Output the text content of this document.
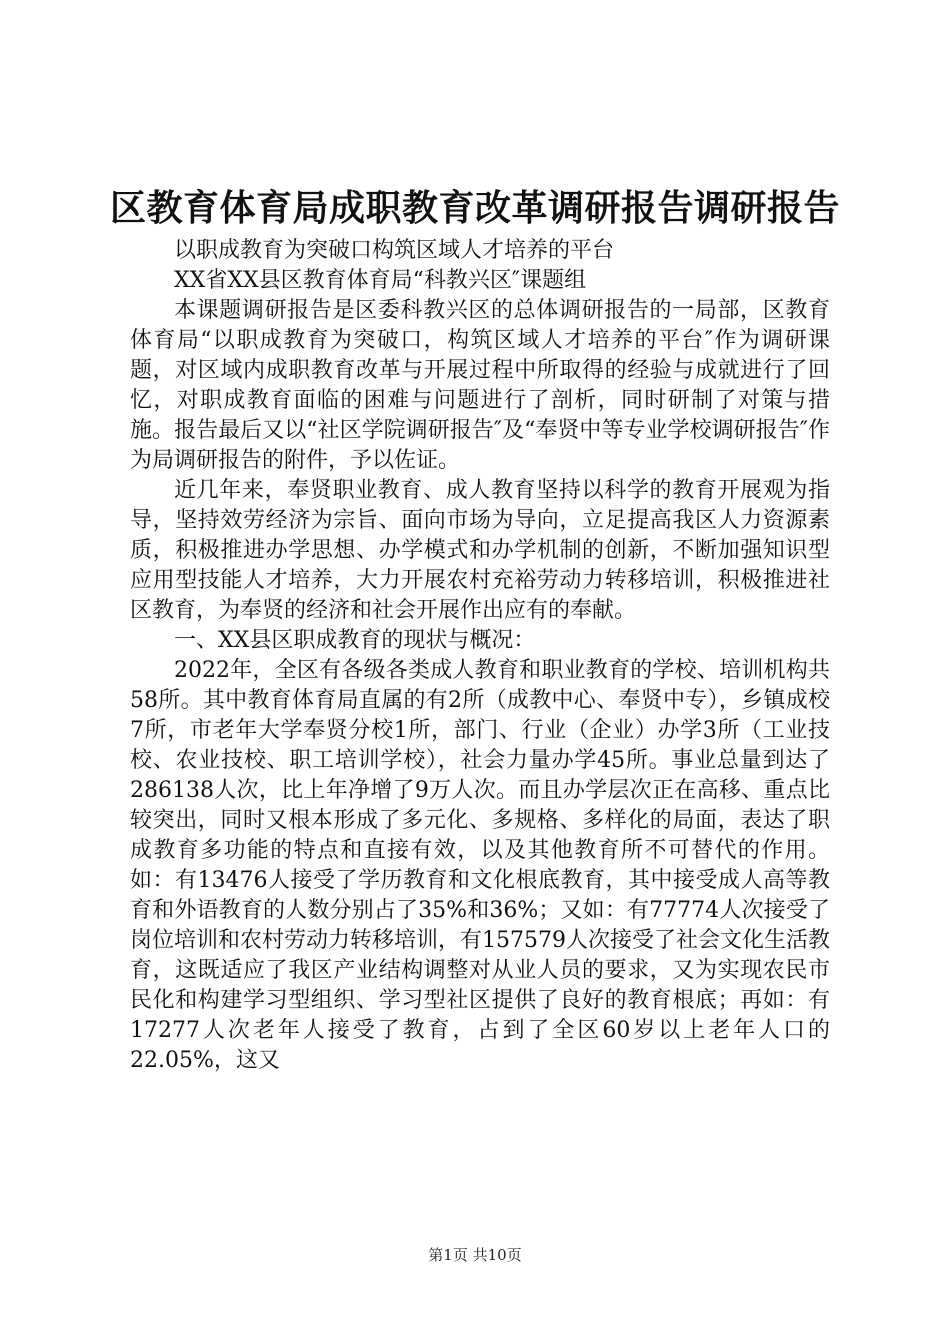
区教育体育局成职教育改革调研报告调研报告

以职成教育为突破口构筑区域人才培养的平台

XX省XX县区教育体育局“科教兴区″课题组

本课题调研报告是区委科教兴区的总体调研报告的一局部，区教育体育局“以职成教育为突破口，构筑区域人才培养的平台″作为调研课题，对区域内成职教育改革与开展过程中所取得的经验与成就进行了回忆，对职成教育面临的困难与问题进行了剖析，同时研制了对策与措施。报告最后又以“社区学院调研报告″及“奉贤中等专业学校调研报告″作为局调研报告的附件，予以佐证。

近几年来，奉贤职业教育、成人教育坚持以科学的教育开展观为指导，坚持效劳经济为宗旨、面向市场为导向，立足提高我区人力资源素质，积极推进办学思想、办学模式和办学机制的创新，不断加强知识型应用型技能人才培养，大力开展农村充裕劳动力转移培训，积极推进社区教育，为奉贤的经济和社会开展作出应有的奉献。

一、XX县区职成教育的现状与概况：

2022年，全区有各级各类成人教育和职业教育的学校、培训机构共58所。其中教育体育局直属的有2所（成教中心、奉贤中专），乡镇成校7所，市老年大学奉贤分校1所，部门、行业（企业）办学3所（工业技校、农业技校、职工培训学校），社会力量办学45所。事业总量到达了286138人次，比上年净增了9万人次。而且办学层次正在高移、重点比较突出，同时又根本形成了多元化、多规格、多样化的局面，表达了职成教育多功能的特点和直接有效，以及其他教育所不可替代的作用。如：有13476人接受了学历教育和文化根底教育，其中接受成人高等教育和外语教育的人数分别占了35%和36%；又如：有77774人次接受了岗位培训和农村劳动力转移培训，有157579人次接受了社会文化生活教育，这既适应了我区产业结构调整对从业人员的要求，又为实现农民市民化和构建学习型组织、学习型社区提供了良好的教育根底；再如：有17277人次老年人接受了教育，占到了全区60岁以上老年人口的22.05%，这又

第1页 共10页
